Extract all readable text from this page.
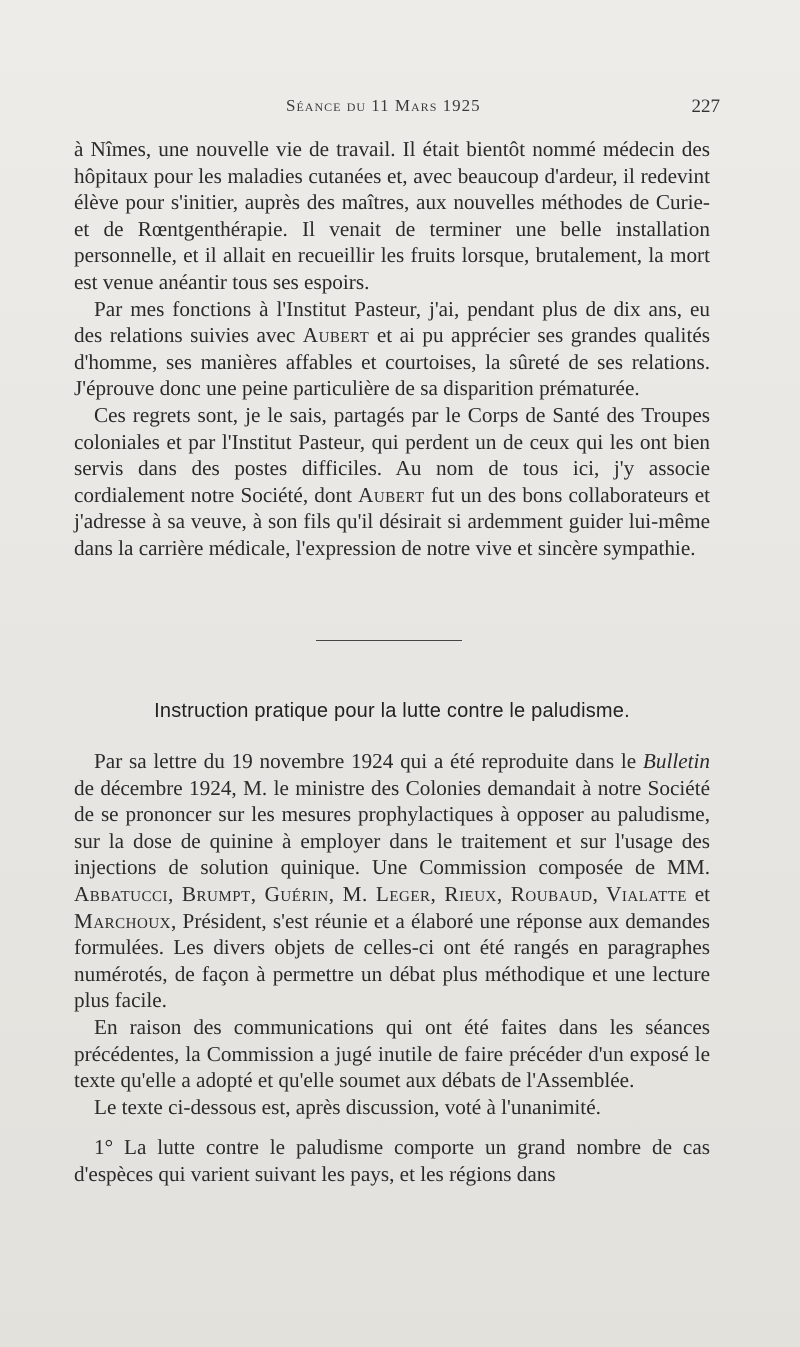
Séance du 11 Mars 1925	227

à Nîmes, une nouvelle vie de travail. Il était bientôt nommé médecin des hôpitaux pour les maladies cutanées et, avec beaucoup d'ardeur, il redevint élève pour s'initier, auprès des maîtres, aux nouvelles méthodes de Curie- et de Rœntgenthérapie. Il venait de terminer une belle installation personnelle, et il allait en recueillir les fruits lorsque, brutalement, la mort est venue anéantir tous ses espoirs.

Par mes fonctions à l'Institut Pasteur, j'ai, pendant plus de dix ans, eu des relations suivies avec Aubert et ai pu apprécier ses grandes qualités d'homme, ses manières affables et courtoises, la sûreté de ses relations. J'éprouve donc une peine particulière de sa disparition prématurée.

Ces regrets sont, je le sais, partagés par le Corps de Santé des Troupes coloniales et par l'Institut Pasteur, qui perdent un de ceux qui les ont bien servis dans des postes difficiles. Au nom de tous ici, j'y associe cordialement notre Société, dont Aubert fut un des bons collaborateurs et j'adresse à sa veuve, à son fils qu'il désirait si ardemment guider lui-même dans la carrière médicale, l'expression de notre vive et sincère sympathie.

Instruction pratique pour la lutte contre le paludisme.

Par sa lettre du 19 novembre 1924 qui a été reproduite dans le Bulletin de décembre 1924, M. le ministre des Colonies demandait à notre Société de se prononcer sur les mesures prophylactiques à opposer au paludisme, sur la dose de quinine à employer dans le traitement et sur l'usage des injections de solution quinique. Une Commission composée de MM. Abbatucci, Brumpt, Guérin, M. Leger, Rieux, Roubaud, Vialatte et Marchoux, Président, s'est réunie et a élaboré une réponse aux demandes formulées. Les divers objets de celles-ci ont été rangés en paragraphes numérotés, de façon à permettre un débat plus méthodique et une lecture plus facile.

En raison des communications qui ont été faites dans les séances précédentes, la Commission a jugé inutile de faire précéder d'un exposé le texte qu'elle a adopté et qu'elle soumet aux débats de l'Assemblée.

Le texte ci-dessous est, après discussion, voté à l'unanimité.

1° La lutte contre le paludisme comporte un grand nombre de cas d'espèces qui varient suivant les pays, et les régions dans
